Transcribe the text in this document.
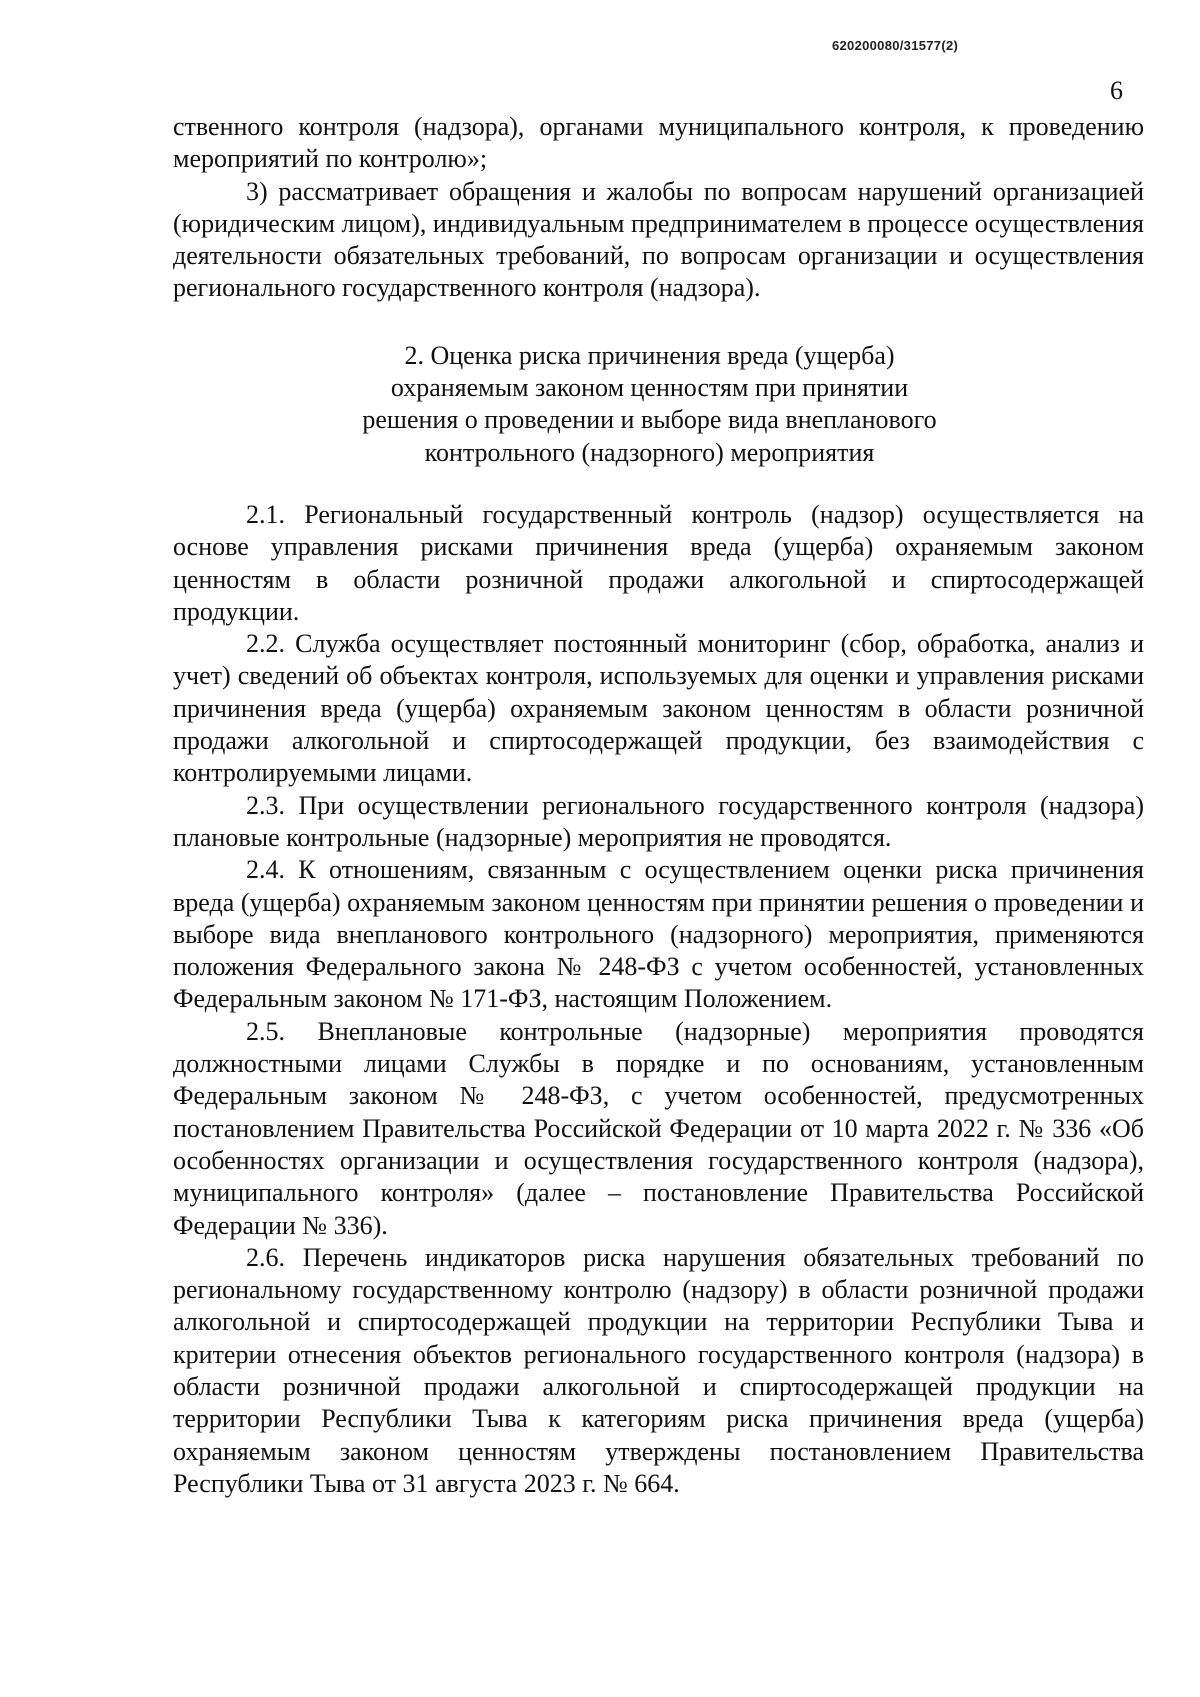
620200080/31577(2)
6

ственного контроля (надзора), органами муниципального контроля, к проведению мероприятий по контролю»;

3) рассматривает обращения и жалобы по вопросам нарушений организацией (юридическим лицом), индивидуальным предпринимателем в процессе осуществления деятельности обязательных требований, по вопросам организации и осуществления регионального государственного контроля (надзора).

2. Оценка риска причинения вреда (ущерба)
охраняемым законом ценностям при принятии
решения о проведении и выборе вида внепланового
контрольного (надзорного) мероприятия

2.1. Региональный государственный контроль (надзор) осуществляется на основе управления рисками причинения вреда (ущерба) охраняемым законом ценностям в области розничной продажи алкогольной и спиртосодержащей продукции.

2.2. Служба осуществляет постоянный мониторинг (сбор, обработка, анализ и учет) сведений об объектах контроля, используемых для оценки и управления рисками причинения вреда (ущерба) охраняемым законом ценностям в области розничной продажи алкогольной и спиртосодержащей продукции, без взаимодействия с контролируемыми лицами.

2.3. При осуществлении регионального государственного контроля (надзора) плановые контрольные (надзорные) мероприятия не проводятся.

2.4. К отношениям, связанным с осуществлением оценки риска причинения вреда (ущерба) охраняемым законом ценностям при принятии решения о проведении и выборе вида внепланового контрольного (надзорного) мероприятия, применяются положения Федерального закона № 248-ФЗ с учетом особенностей, установленных Федеральным законом № 171-ФЗ, настоящим Положением.

2.5. Внеплановые контрольные (надзорные) мероприятия проводятся должностными лицами Службы в порядке и по основаниям, установленным Федеральным законом № 248-ФЗ, с учетом особенностей, предусмотренных постановлением Правительства Российской Федерации от 10 марта 2022 г. № 336 «Об особенностях организации и осуществления государственного контроля (надзора), муниципального контроля» (далее – постановление Правительства Российской Федерации № 336).

2.6. Перечень индикаторов риска нарушения обязательных требований по региональному государственному контролю (надзору) в области розничной продажи алкогольной и спиртосодержащей продукции на территории Республики Тыва и критерии отнесения объектов регионального государственного контроля (надзора) в области розничной продажи алкогольной и спиртосодержащей продукции на территории Республики Тыва к категориям риска причинения вреда (ущерба) охраняемым законом ценностям утверждены постановлением Правительства Республики Тыва от 31 августа 2023 г. № 664.
